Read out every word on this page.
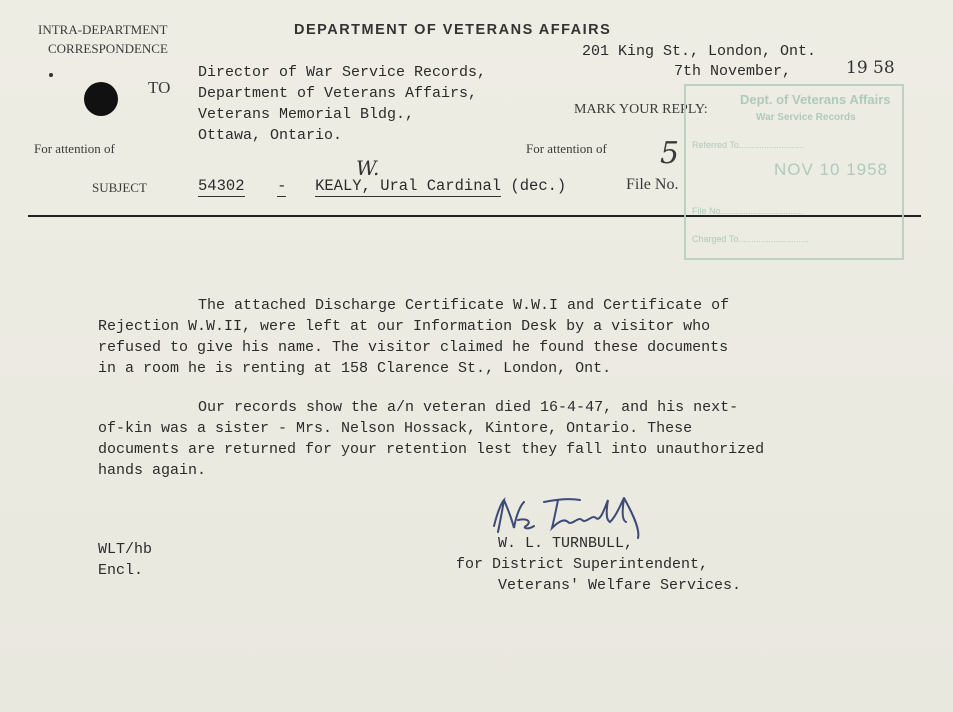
INTRA-DEPARTMENT
CORRESPONDENCE
DEPARTMENT OF VETERANS AFFAIRS
201 King St., London, Ont.
7th November,	19 58
TO
Director of War Service Records,
Department of Veterans Affairs,
Veterans Memorial Bldg.,
Ottawa, Ontario.
MARK YOUR REPLY:
For attention of	For attention of 5
SUBJECT
W.
54302 - KEALY, Ural Cardinal (dec.)	File No.
Dept. of Veterans Affairs
War Service Records
Referred To..........................
NOV 10 1958
File No.................................
Charged To............................

The attached Discharge Certificate W.W.I and Certificate of

Rejection W.W.II, were left at our Information Desk by a visitor who

refused to give his name. The visitor claimed he found these documents

in a room he is renting at 158 Clarence St., London, Ont.

Our records show the a/n veteran died 16-4-47, and his next-

of-kin was a sister - Mrs. Nelson Hossack, Kintore, Ontario. These

documents are returned for your retention lest they fall into unauthorized

hands again.

WLT/hb
Encl.
W. L. TURNBULL,
for District Superintendent,
Veterans' Welfare Services.
